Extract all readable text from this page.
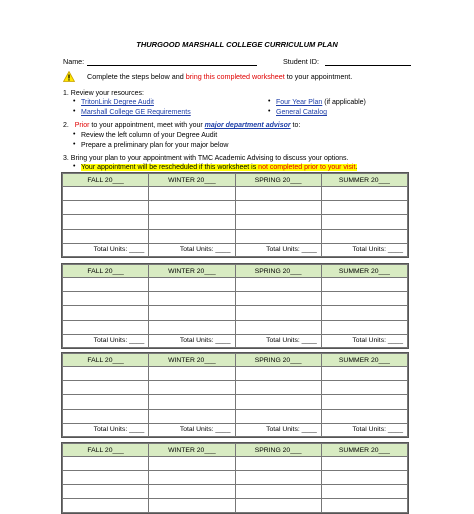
THURGOOD MARSHALL COLLEGE CURRICULUM PLAN
Name:	Student ID:
Complete the steps below and bring this completed worksheet to your appointment.
1. Review your resources:
• TritonLink Degree Audit	• Four Year Plan (if applicable)
• Marshall College GE Requirements	• General Catalog
2. Prior to your appointment, meet with your major department advisor to:
• Review the left column of your Degree Audit
• Prepare a preliminary plan for your major below
3. Bring your plan to your appointment with TMC Academic Advising to discuss your options.
• Your appointment will be rescheduled if this worksheet is not completed prior to your visit.
FALL 20___	WINTER 20___	SPRING 20___	SUMMER 20___

Total Units: ____	Total Units: ____	Total Units: ____	Total Units: ____
FALL 20___	WINTER 20___	SPRING 20___	SUMMER 20___

Total Units: ____	Total Units: ____	Total Units: ____	Total Units: ____
FALL 20___	WINTER 20___	SPRING 20___	SUMMER 20___

Total Units: ____	Total Units: ____	Total Units: ____	Total Units: ____
FALL 20___	WINTER 20___	SPRING 20___	SUMMER 20___
